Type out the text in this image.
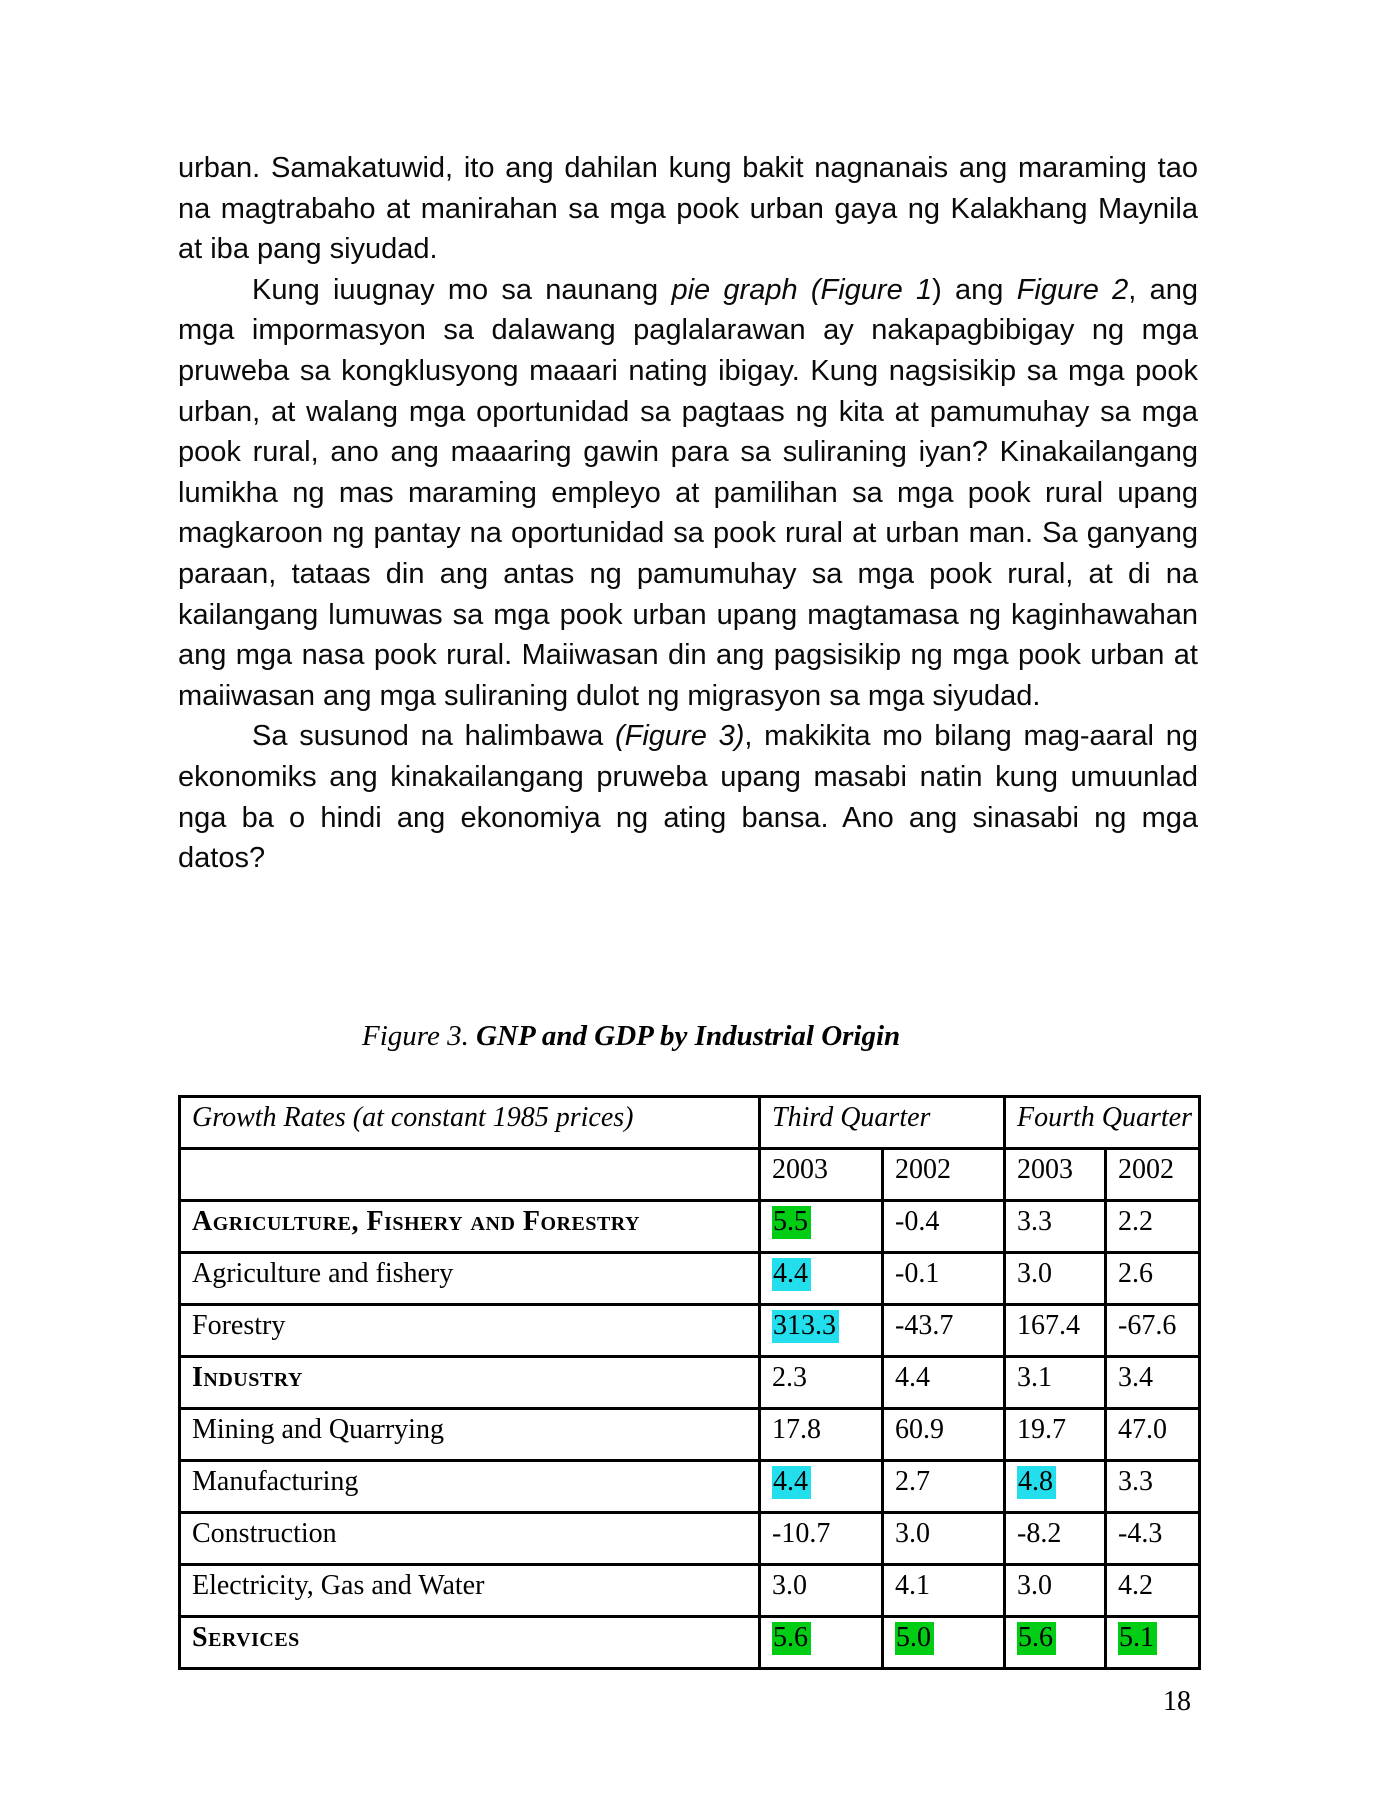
urban. Samakatuwid, ito ang dahilan kung bakit nagnanais ang maraming tao na magtrabaho at manirahan sa mga pook urban gaya ng Kalakhang Maynila at iba pang siyudad.

Kung iuugnay mo sa naunang pie graph (Figure 1) ang Figure 2, ang mga impormasyon sa dalawang paglalarawan ay nakapagbibigay ng mga pruweba sa kongklusyong maaari nating ibigay. Kung nagsisikip sa mga pook urban, at walang mga oportunidad sa pagtaas ng kita at pamumuhay sa mga pook rural, ano ang maaaring gawin para sa suliraning iyan? Kinakailangang lumikha ng mas maraming empleyo at pamilihan sa mga pook rural upang magkaroon ng pantay na oportunidad sa pook rural at urban man. Sa ganyang paraan, tataas din ang antas ng pamumuhay sa mga pook rural, at di na kailangang lumuwas sa mga pook urban upang magtamasa ng kaginhawahan ang mga nasa pook rural. Maiiwasan din ang pagsisikip ng mga pook urban at maiiwasan ang mga suliraning dulot ng migrasyon sa mga siyudad.

Sa susunod na halimbawa (Figure 3), makikita mo bilang mag-aaral ng ekonomiks ang kinakailangang pruweba upang masabi natin kung umuunlad nga ba o hindi ang ekonomiya ng ating bansa. Ano ang sinasabi ng mga datos?

Figure 3. GNP and GDP by Industrial Origin
Growth Rates (at constant 1985 prices)	Third Quarter		Fourth Quarter	
	2003	2002	2003	2002
Agriculture, Fishery and Forestry	5.5	-0.4	3.3	2.2
Agriculture and fishery	4.4	-0.1	3.0	2.6
Forestry	313.3	-43.7	167.4	-67.6
Industry	2.3	4.4	3.1	3.4
Mining and Quarrying	17.8	60.9	19.7	47.0
Manufacturing	4.4	2.7	4.8	3.3
Construction	-10.7	3.0	-8.2	-4.3
Electricity, Gas and Water	3.0	4.1	3.0	4.2
Services	5.6	5.0	5.6	5.1
18
